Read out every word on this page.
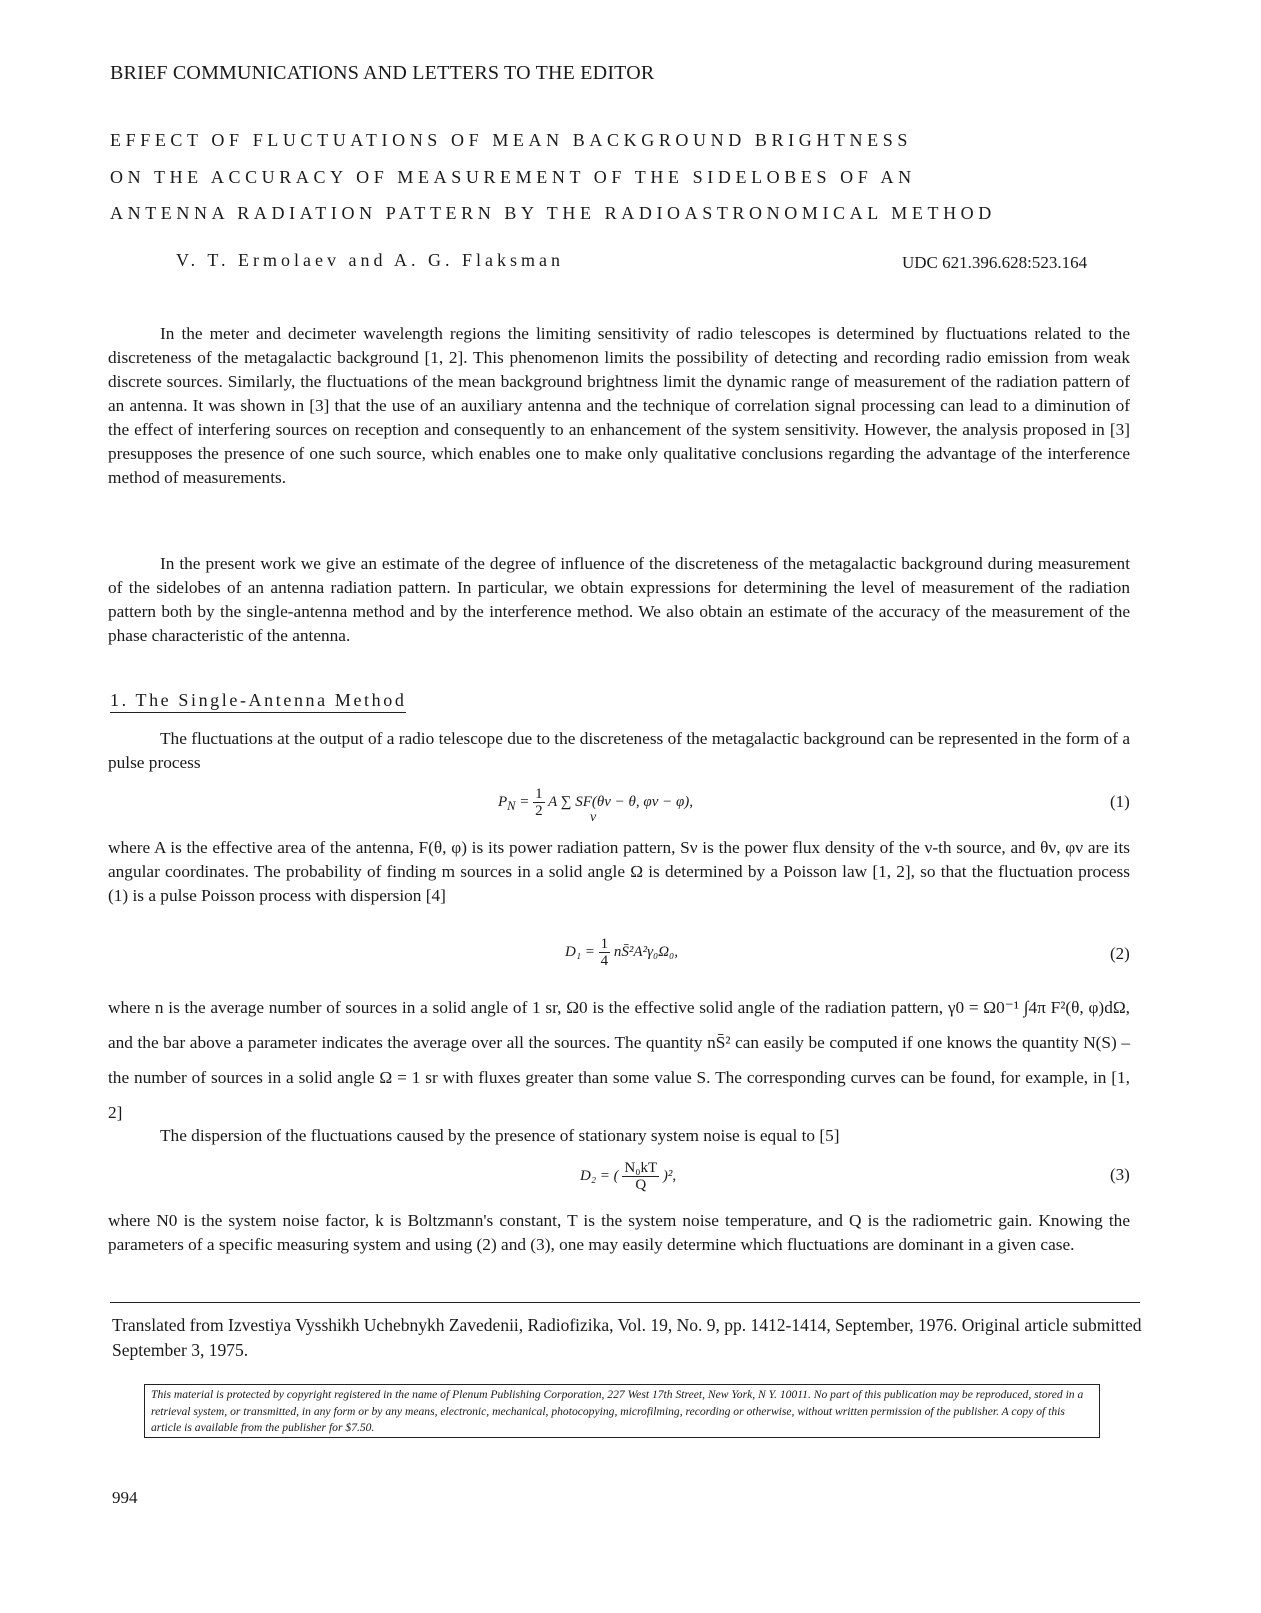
BRIEF COMMUNICATIONS AND LETTERS TO THE EDITOR
EFFECT OF FLUCTUATIONS OF MEAN BACKGROUND BRIGHTNESS
ON THE ACCURACY OF MEASUREMENT OF THE SIDELOBES OF AN
ANTENNA RADIATION PATTERN BY THE RADIOASTRONOMICAL METHOD
V. T. Ermolaev and A. G. Flaksman	UDC 621.396.628:523.164
In the meter and decimeter wavelength regions the limiting sensitivity of radio telescopes is determined by fluctuations related to the discreteness of the metagalactic background [1, 2]. This phenomenon limits the possibility of detecting and recording radio emission from weak discrete sources. Similarly, the fluctuations of the mean background brightness limit the dynamic range of measurement of the radiation pattern of an antenna. It was shown in [3] that the use of an auxiliary antenna and the technique of correlation signal processing can lead to a diminution of the effect of interfering sources on reception and consequently to an enhancement of the system sensitivity. However, the analysis proposed in [3] presupposes the presence of one such source, which enables one to make only qualitative conclusions regarding the advantage of the interference method of measurements.
In the present work we give an estimate of the degree of influence of the discreteness of the metagalactic background during measurement of the sidelobes of an antenna radiation pattern. In particular, we obtain expressions for determining the level of measurement of the radiation pattern both by the single-antenna method and by the interference method. We also obtain an estimate of the accuracy of the measurement of the phase characteristic of the antenna.
1. The Single-Antenna Method
The fluctuations at the output of a radio telescope due to the discreteness of the metagalactic background can be represented in the form of a pulse process
$P_N = \frac{1}{2}$ A ∑ SF(θν − θ, φν − φ),
ν
(1)
where A is the effective area of the antenna, F(θ, φ) is its power radiation pattern, Sν is the power flux density of the ν-th source, and θν, φν are its angular coordinates. The probability of finding m sources in a solid angle Ω is determined by a Poisson law [1, 2], so that the fluctuation process (1) is a pulse Poisson process with dispersion [4]
$D_1 = \frac{1}{4}$ nS̄²A²γ₀Ω₀,	(2)
where n is the average number of sources in a solid angle of 1 sr, Ω0 is the effective solid angle of the radiation pattern, γ0 = Ω0⁻¹ ∫4π F²(θ, φ)dΩ, and the bar above a parameter indicates the average over all the sources. The quantity nS̄² can easily be computed if one knows the quantity N(S) – the number of sources in a solid angle Ω = 1 sr with fluxes greater than some value S. The corresponding curves can be found, for example, in [1, 2]
The dispersion of the fluctuations caused by the presence of stationary system noise is equal to [5]
D₂ = ( $\frac{\text{N₀kT}}{Q} )^2$,	(3)
where N0 is the system noise factor, k is Boltzmann's constant, T is the system noise temperature, and Q is the radiometric gain. Knowing the parameters of a specific measuring system and using (2) and (3), one may easily determine which fluctuations are dominant in a given case.
Translated from Izvestiya Vysshikh Uchebnykh Zavedenii, Radiofizika, Vol. 19, No. 9, pp. 1412-1414, September, 1976. Original article submitted September 3, 1975.
This material is protected by copyright registered in the name of Plenum Publishing Corporation, 227 West 17th Street, New York, N Y. 10011. No part of this publication may be reproduced, stored in a retrieval system, or transmitted, in any form or by any means, electronic, mechanical, photocopying, microfilming, recording or otherwise, without written permission of the publisher. A copy of this article is available from the publisher for $7.50.
994
